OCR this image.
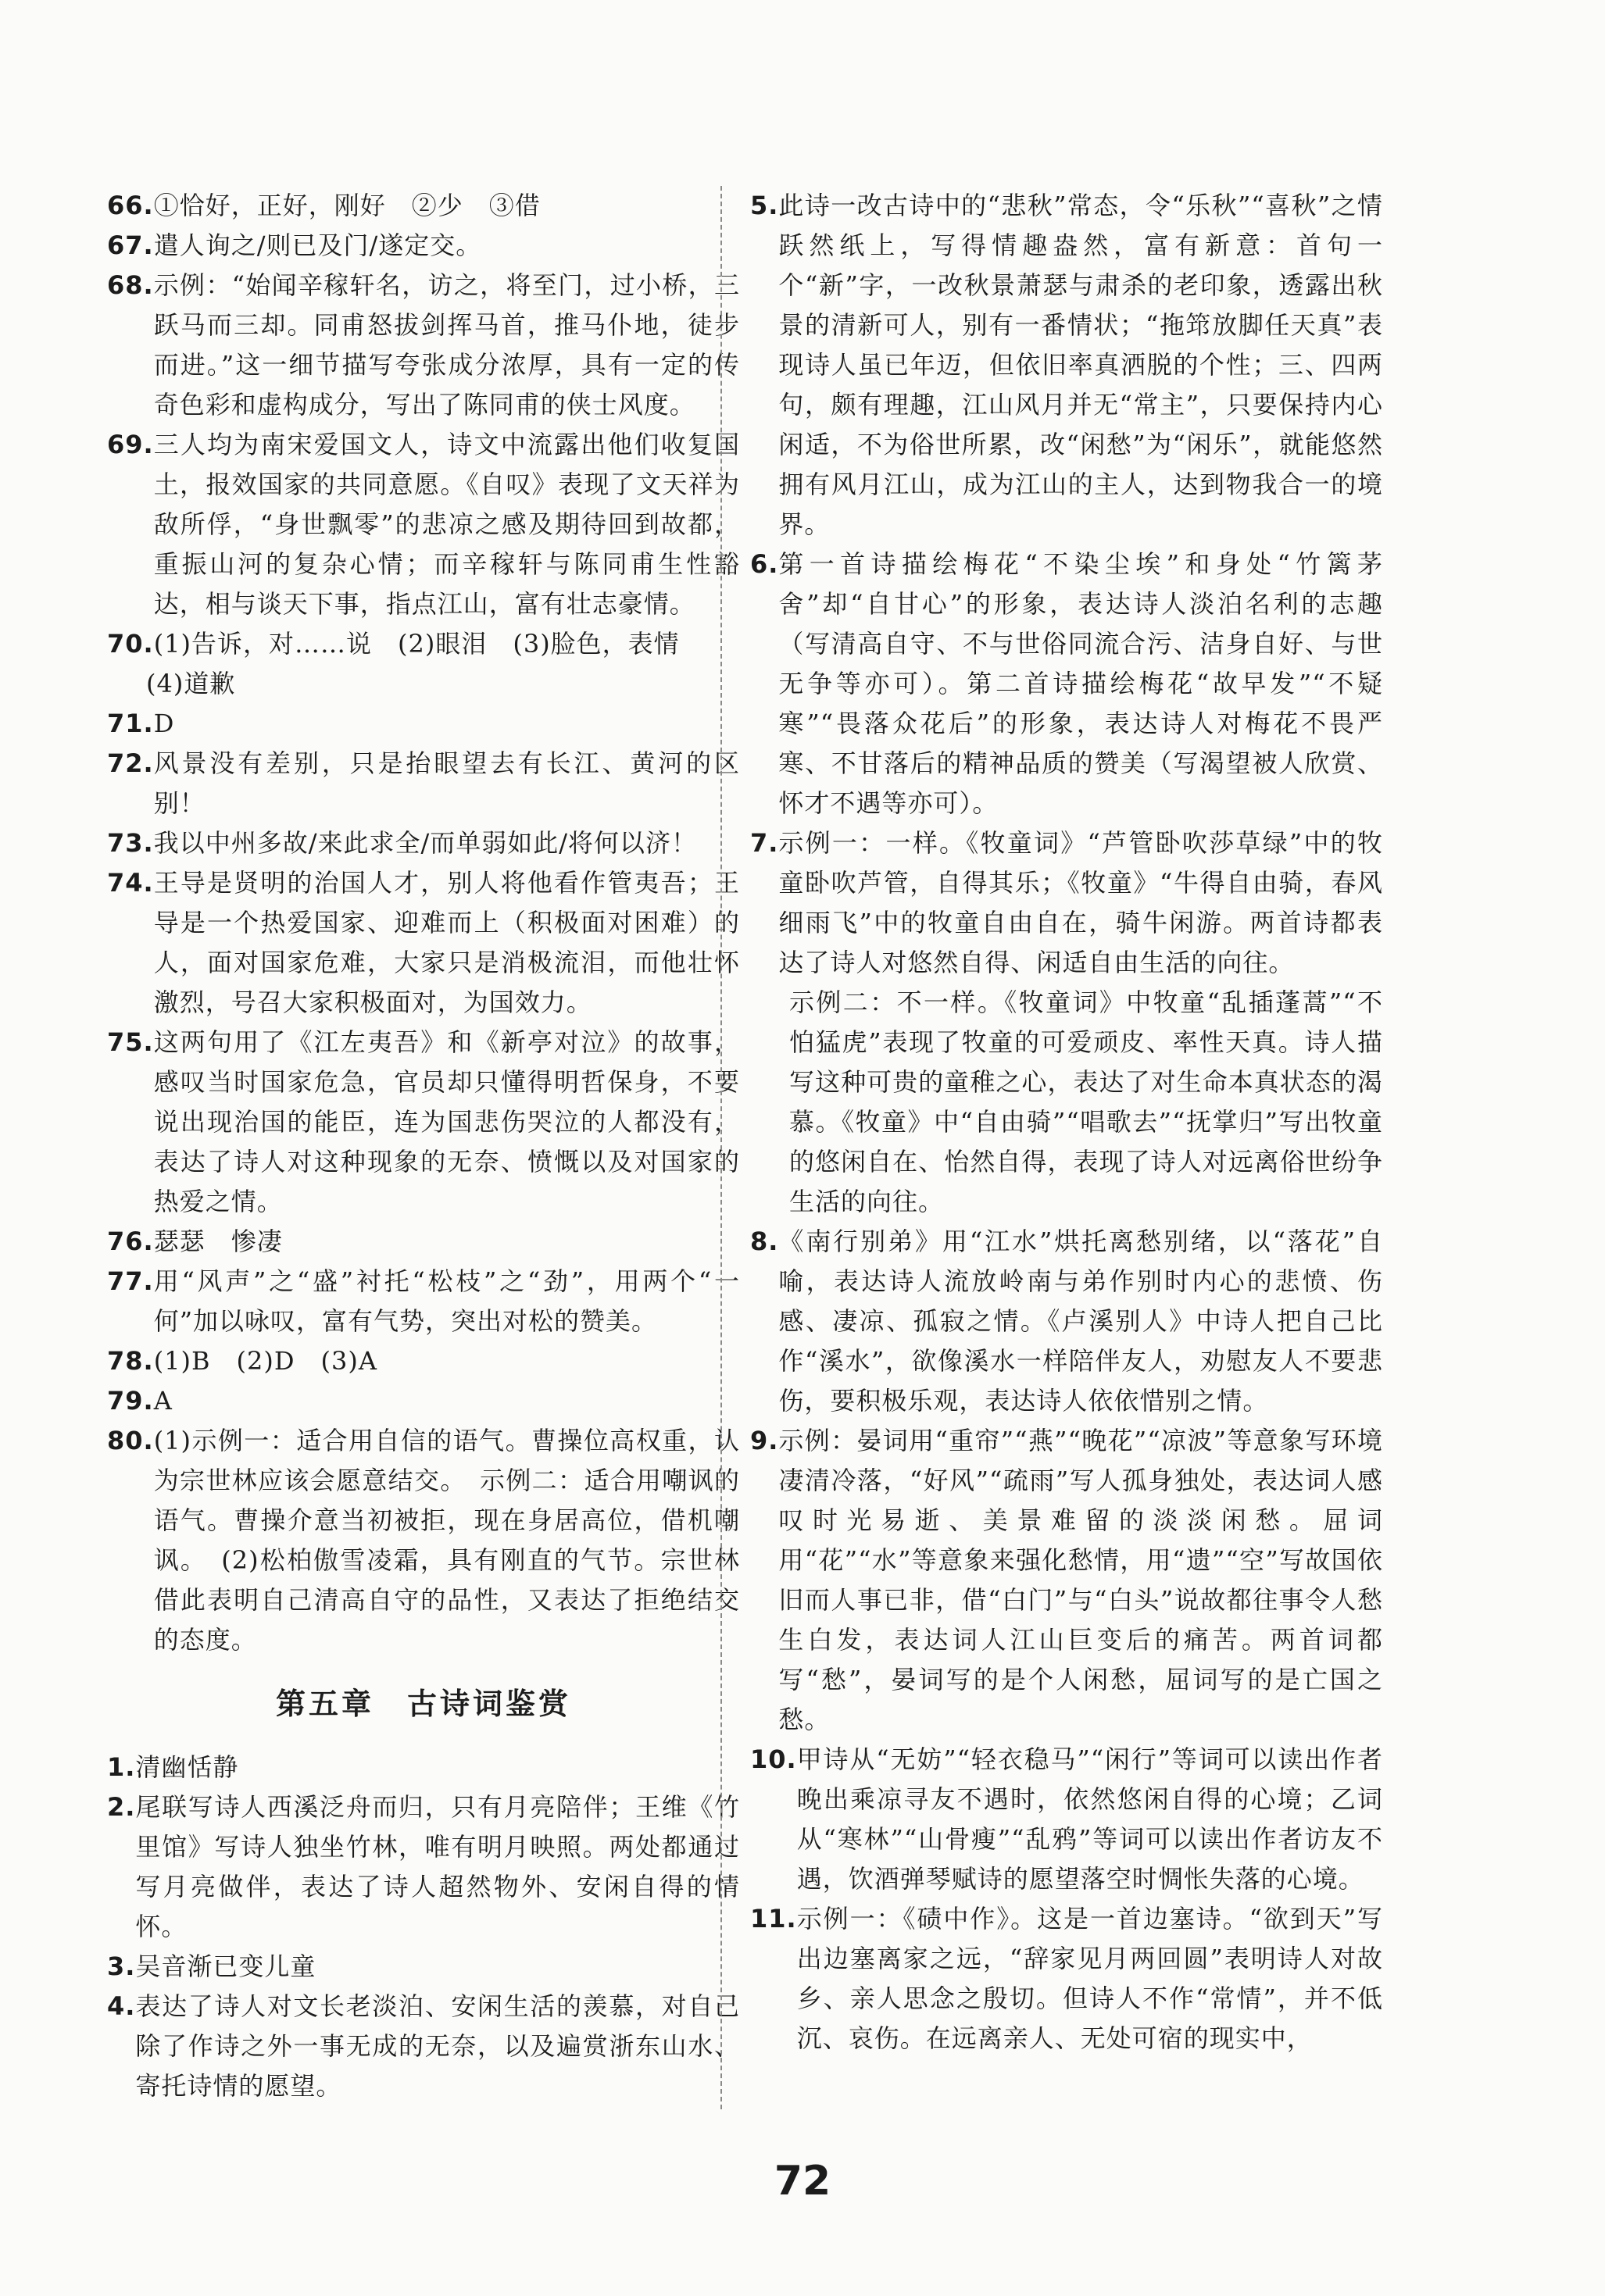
66. ①恰好，正好，刚好　②少　③借
67. 遣人询之/则已及门/遂定交。
68. 示例：“始闻辛稼轩名，访之，将至门，过小桥，三跃马而三却。同甫怒拔剑挥马首，推马仆地，徒步而进。”这一细节描写夸张成分浓厚，具有一定的传奇色彩和虚构成分，写出了陈同甫的侠士风度。
69. 三人均为南宋爱国文人，诗文中流露出他们收复国土，报效国家的共同意愿。《自叹》表现了文天祥为敌所俘，“身世飘零”的悲凉之感及期待回到故都，重振山河的复杂心情；而辛稼轩与陈同甫生性豁达，相与谈天下事，指点江山，富有壮志豪情。
70. (1)告诉，对……说　(2)眼泪　(3)脸色，表情
(4)道歉
71. D
72. 风景没有差别，只是抬眼望去有长江、黄河的区别！
73. 我以中州多故/来此求全/而单弱如此/将何以济！
74. 王导是贤明的治国人才，别人将他看作管夷吾；王导是一个热爱国家、迎难而上（积极面对困难）的人，面对国家危难，大家只是消极流泪，而他壮怀激烈，号召大家积极面对，为国效力。
75. 这两句用了《江左夷吾》和《新亭对泣》的故事，感叹当时国家危急，官员却只懂得明哲保身，不要说出现治国的能臣，连为国悲伤哭泣的人都没有，表达了诗人对这种现象的无奈、愤慨以及对国家的热爱之情。
76. 瑟瑟　惨凄
77. 用“风声”之“盛”衬托“松枝”之“劲”，用两个“一何”加以咏叹，富有气势，突出对松的赞美。
78. (1)B　(2)D　(3)A
79. A
80. (1)示例一：适合用自信的语气。曹操位高权重，认为宗世林应该会愿意结交。　示例二：适合用嘲讽的语气。曹操介意当初被拒，现在身居高位，借机嘲讽。　(2)松柏傲雪凌霜，具有刚直的气节。宗世林借此表明自己清高自守的品性，又表达了拒绝结交的态度。
第五章　古诗词鉴赏
1. 清幽恬静
2. 尾联写诗人西溪泛舟而归，只有月亮陪伴；王维《竹里馆》写诗人独坐竹林，唯有明月映照。两处都通过写月亮做伴，表达了诗人超然物外、安闲自得的情怀。
3. 吴音渐已变儿童
4. 表达了诗人对文长老淡泊、安闲生活的羡慕，对自己除了作诗之外一事无成的无奈，以及遍赏浙东山水、寄托诗情的愿望。
5. 此诗一改古诗中的“悲秋”常态，令“乐秋”“喜秋”之情跃然纸上，写得情趣盎然，富有新意：首句一个“新”字，一改秋景萧瑟与肃杀的老印象，透露出秋景的清新可人，别有一番情状；“拖筇放脚任天真”表现诗人虽已年迈，但依旧率真洒脱的个性；三、四两句，颇有理趣，江山风月并无“常主”，只要保持内心闲适，不为俗世所累，改“闲愁”为“闲乐”，就能悠然拥有风月江山，成为江山的主人，达到物我合一的境界。
6. 第一首诗描绘梅花“不染尘埃”和身处“竹篱茅舍”却“自甘心”的形象，表达诗人淡泊名利的志趣（写清高自守、不与世俗同流合污、洁身自好、与世无争等亦可）。第二首诗描绘梅花“故早发”“不疑寒”“畏落众花后”的形象，表达诗人对梅花不畏严寒、不甘落后的精神品质的赞美（写渴望被人欣赏、怀才不遇等亦可）。
7. 示例一：一样。《牧童词》“芦管卧吹莎草绿”中的牧童卧吹芦管，自得其乐；《牧童》“牛得自由骑，春风细雨飞”中的牧童自由自在，骑牛闲游。两首诗都表达了诗人对悠然自得、闲适自由生活的向往。
示例二：不一样。《牧童词》中牧童“乱插蓬蒿”“不怕猛虎”表现了牧童的可爱顽皮、率性天真。诗人描写这种可贵的童稚之心，表达了对生命本真状态的渴慕。《牧童》中“自由骑”“唱歌去”“抚掌归”写出牧童的悠闲自在、怡然自得，表现了诗人对远离俗世纷争生活的向往。
8. 《南行别弟》用“江水”烘托离愁别绪，以“落花”自喻，表达诗人流放岭南与弟作别时内心的悲愤、伤感、凄凉、孤寂之情。《卢溪别人》中诗人把自己比作“溪水”，欲像溪水一样陪伴友人，劝慰友人不要悲伤，要积极乐观，表达诗人依依惜别之情。
9. 示例：晏词用“重帘”“燕”“晚花”“凉波”等意象写环境凄清冷落，“好风”“疏雨”写人孤身独处，表达词人感叹时光易逝、美景难留的淡淡闲愁。屈词用“花”“水”等意象来强化愁情，用“遗”“空”写故国依旧而人事已非，借“白门”与“白头”说故都往事令人愁生白发，表达词人江山巨变后的痛苦。两首词都写“愁”，晏词写的是个人闲愁，屈词写的是亡国之愁。
10. 甲诗从“无妨”“轻衣稳马”“闲行”等词可以读出作者晚出乘凉寻友不遇时，依然悠闲自得的心境；乙词从“寒林”“山骨瘦”“乱鸦”等词可以读出作者访友不遇，饮酒弹琴赋诗的愿望落空时惆怅失落的心境。
11. 示例一：《碛中作》。这是一首边塞诗。“欲到天”写出边塞离家之远，“辞家见月两回圆”表明诗人对故乡、亲人思念之殷切。但诗人不作“常情”，并不低沉、哀伤。在远离亲人、无处可宿的现实中，
72
